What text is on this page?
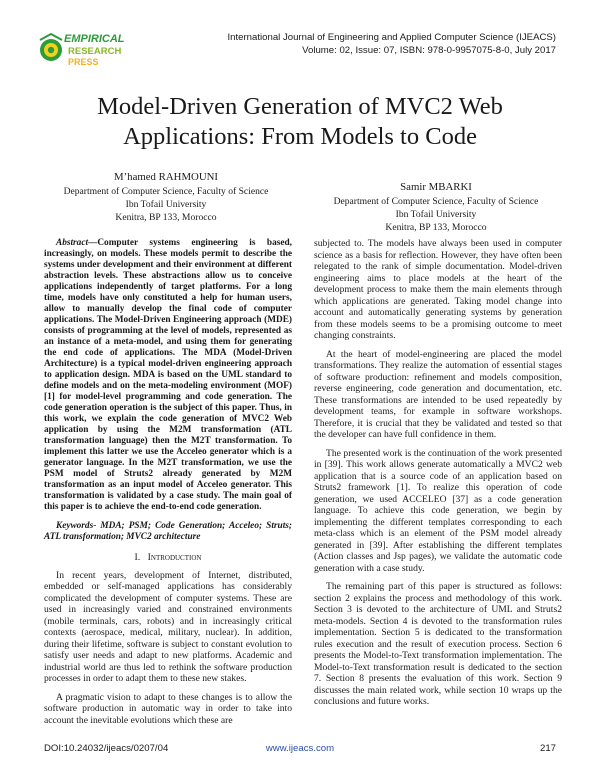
EMPIRICAL
RESEARCH
PRESS
International Journal of Engineering and Applied Computer Science (IJEACS)
Volume: 02, Issue: 07, ISBN: 978-0-9957075-8-0, July 2017
Model-Driven Generation of MVC2 Web
Applications: From Models to Code
M’hamed RAHMOUNI
Department of Computer Science, Faculty of Science
Ibn Tofail University
Kenitra, BP 133, Morocco
Samir MBARKI
Department of Computer Science, Faculty of Science
Ibn Tofail University
Kenitra, BP 133, Morocco

Abstract—Computer systems engineering is based, increasingly, on models. These models permit to describe the systems under development and their environment at different abstraction levels. These abstractions allow us to conceive applications independently of target platforms. For a long time, models have only constituted a help for human users, allow to manually develop the final code of computer applications. The Model-Driven Engineering approach (MDE) consists of programming at the level of models, represented as an instance of a meta-model, and using them for generating the end code of applications. The MDA (Model-Driven Architecture) is a typical model-driven engineering approach to application design. MDA is based on the UML standard to define models and on the meta-modeling environment (MOF) [1] for model-level programming and code generation. The code generation operation is the subject of this paper. Thus, in this work, we explain the code generation of MVC2 Web application by using the M2M transformation (ATL transformation language) then the M2T transformation. To implement this latter we use the Acceleo generator which is a generator language. In the M2T transformation, we use the PSM model of Struts2 already generated by M2M transformation as an input model of Acceleo generator. This transformation is validated by a case study. The main goal of this paper is to achieve the end-to-end code generation.

Keywords- MDA; PSM; Code Generation; Acceleo; Struts; ATL transformation; MVC2 architecture

I. Introduction

In recent years, development of Internet, distributed, embedded or self-managed applications has considerably complicated the development of computer systems. These are used in increasingly varied and constrained environments (mobile terminals, cars, robots) and in increasingly critical contexts (aerospace, medical, military, nuclear). In addition, during their lifetime, software is subject to constant evolution to satisfy user needs and adapt to new platforms. Academic and industrial world are thus led to rethink the software production processes in order to adapt them to these new stakes.

A pragmatic vision to adapt to these changes is to allow the software production in automatic way in order to take into account the inevitable evolutions which these are

subjected to. The models have always been used in computer science as a basis for reflection. However, they have often been relegated to the rank of simple documentation. Model-driven engineering aims to place models at the heart of the development process to make them the main elements through which applications are generated. Taking model change into account and automatically generating systems by generation from these models seems to be a promising outcome to meet changing constraints.

At the heart of model-engineering are placed the model transformations. They realize the automation of essential stages of software production: refinement and models composition, reverse engineering, code generation and documentation, etc. These transformations are intended to be used repeatedly by development teams, for example in software workshops. Therefore, it is crucial that they be validated and tested so that the developer can have full confidence in them.

The presented work is the continuation of the work presented in [39]. This work allows generate automatically a MVC2 web application that is a source code of an application based on Struts2 framework [1]. To realize this operation of code generation, we used ACCELEO [37] as a code generation language. To achieve this code generation, we begin by implementing the different templates corresponding to each meta-class which is an element of the PSM model already generated in [39]. After establishing the different templates (Action classes and Jsp pages), we validate the automatic code generation with a case study.

The remaining part of this paper is structured as follows: section 2 explains the process and methodology of this work. Section 3 is devoted to the architecture of UML and Struts2 meta-models. Section 4 is devoted to the transformation rules implementation. Section 5 is dedicated to the transformation rules execution and the result of execution process. Section 6 presents the Model-to-Text transformation implementation. The Model-to-Text transformation result is dedicated to the section 7. Section 8 presents the evaluation of this work. Section 9 discusses the main related work, while section 10 wraps up the conclusions and future works.

DOI:10.24032/ijeacs/0207/04	www.ijeacs.com	217
